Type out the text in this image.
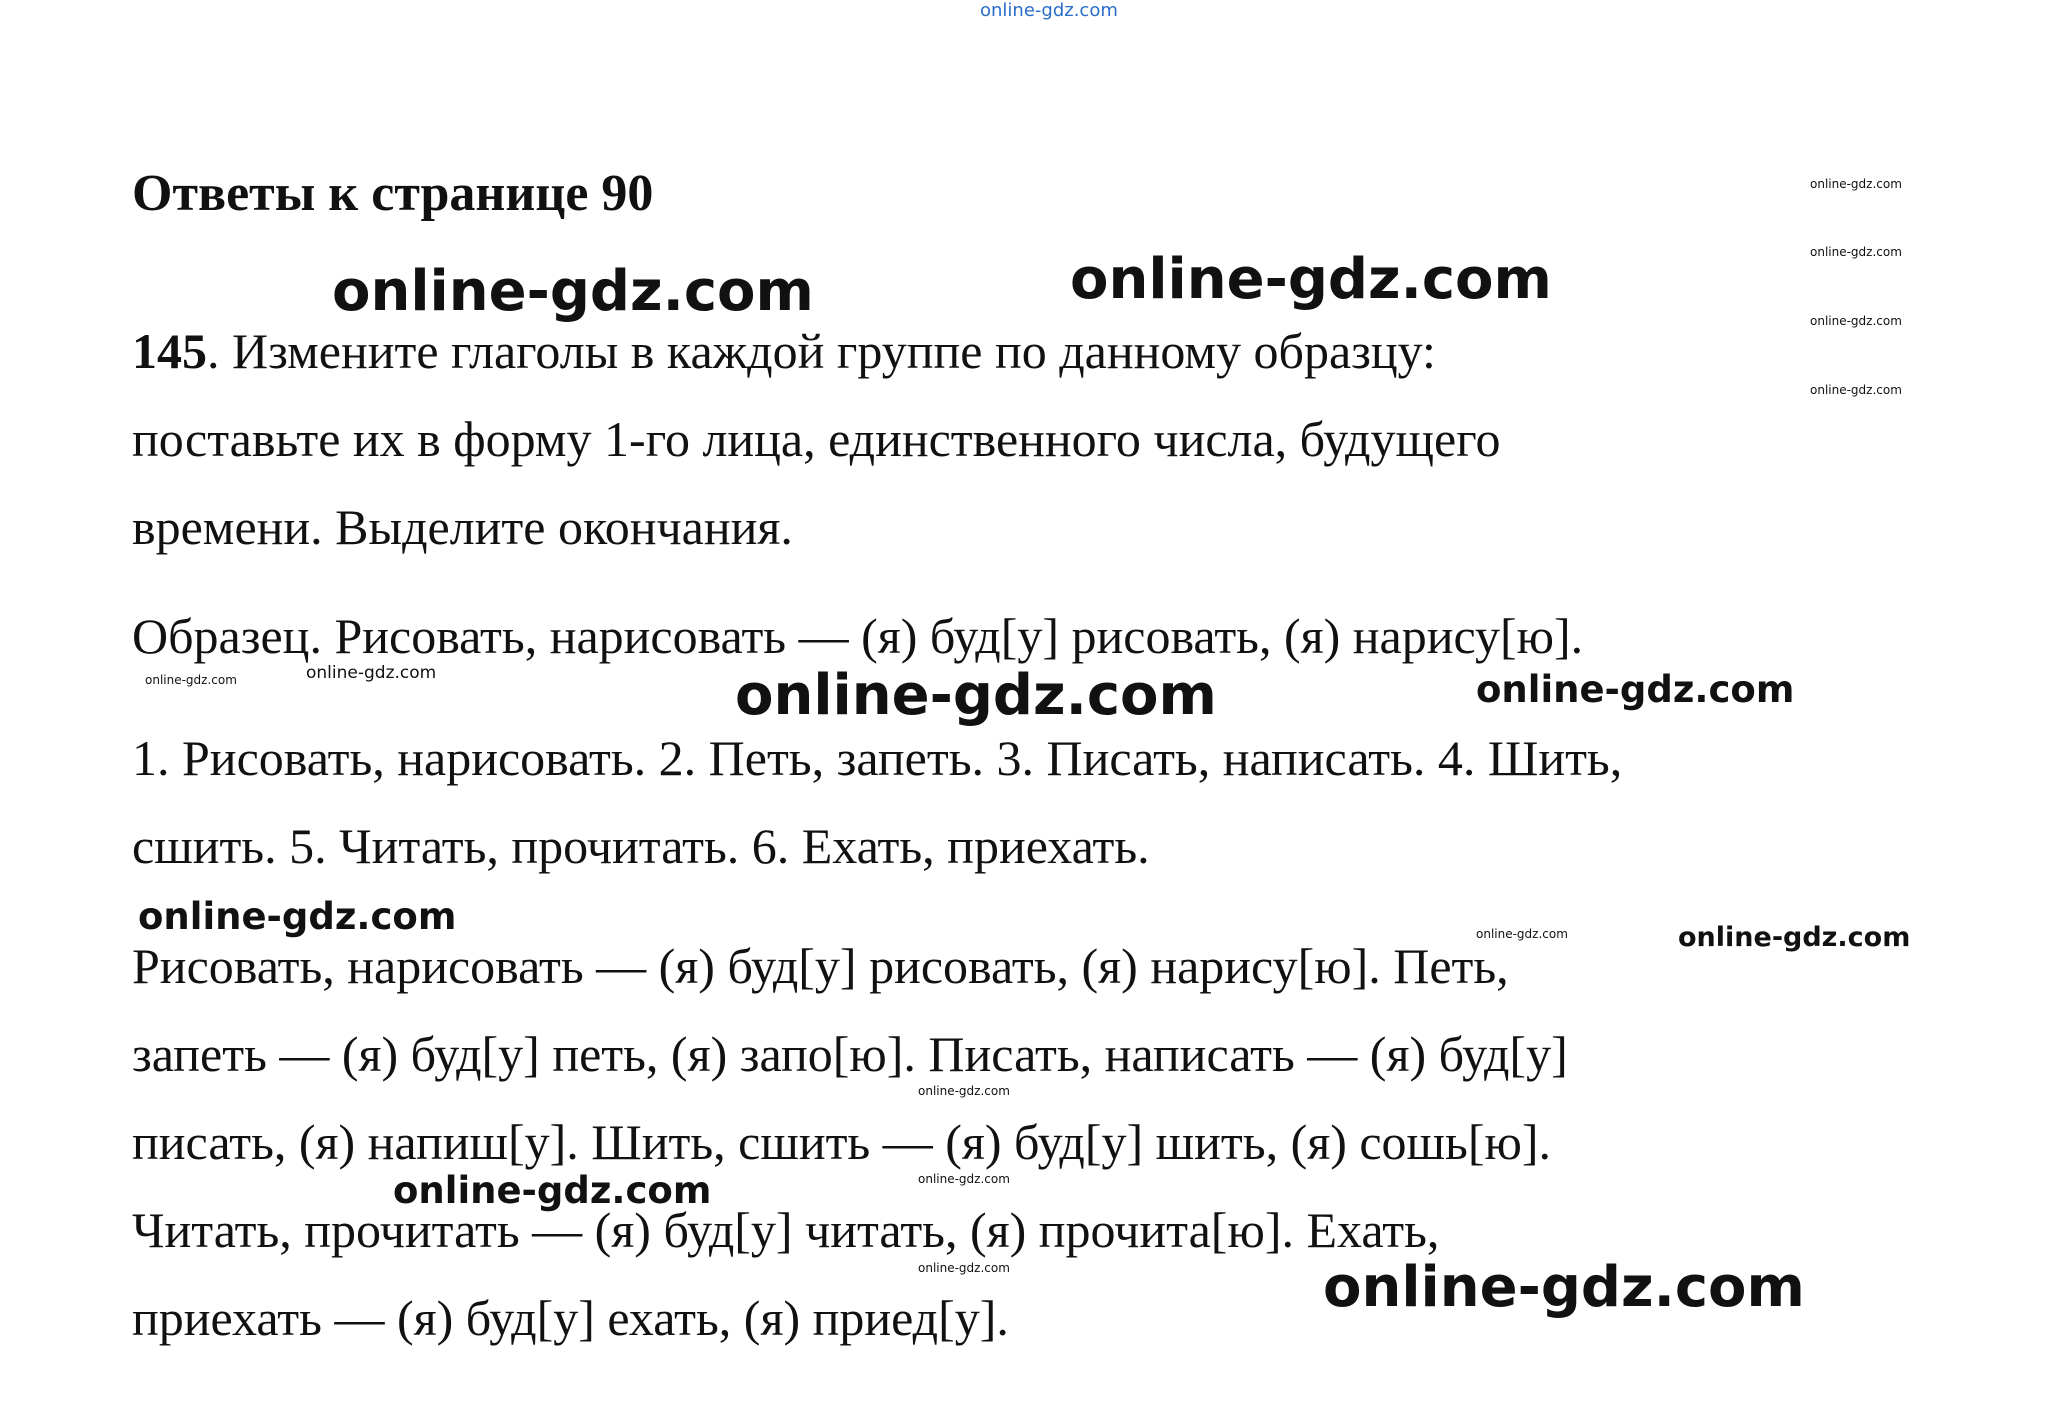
online-gdz.com
Ответы к странице 90	online-gdz.com
online-gdz.com
online-gdz.com
online-gdz.com
online-gdz.com	online-gdz.com

145. Измените глаголы в каждой группе по данному образцу:
поставьте их в форму 1-го лица, единственного числа, будущего
времени. Выделите окончания.

Образец. Рисовать, нарисовать — (я) буд[у] рисовать, (я) нарису[ю].

online-gdz.com	online-gdz.com	online-gdz.com	online-gdz.com

1. Рисовать, нарисовать. 2. Петь, запеть. 3. Писать, написать. 4. Шить,
сшить. 5. Читать, прочитать. 6. Ехать, приехать.

online-gdz.com	online-gdz.com	online-gdz.com

Рисовать, нарисовать — (я) буд[у] рисовать, (я) нарису[ю]. Петь,
запеть — (я) буд[у] петь, (я) запо[ю]. Писать, написать — (я) буд[у]
писать, (я) напиш[у]. Шить, сшить — (я) буд[у] шить, (я) сошь[ю].
Читать, прочитать — (я) буд[у] читать, (я) прочита[ю]. Ехать,
приехать — (я) буд[у] ехать, (я) приед[у].

online-gdz.com
online-gdz.com
online-gdz.com
online-gdz.com
online-gdz.com
